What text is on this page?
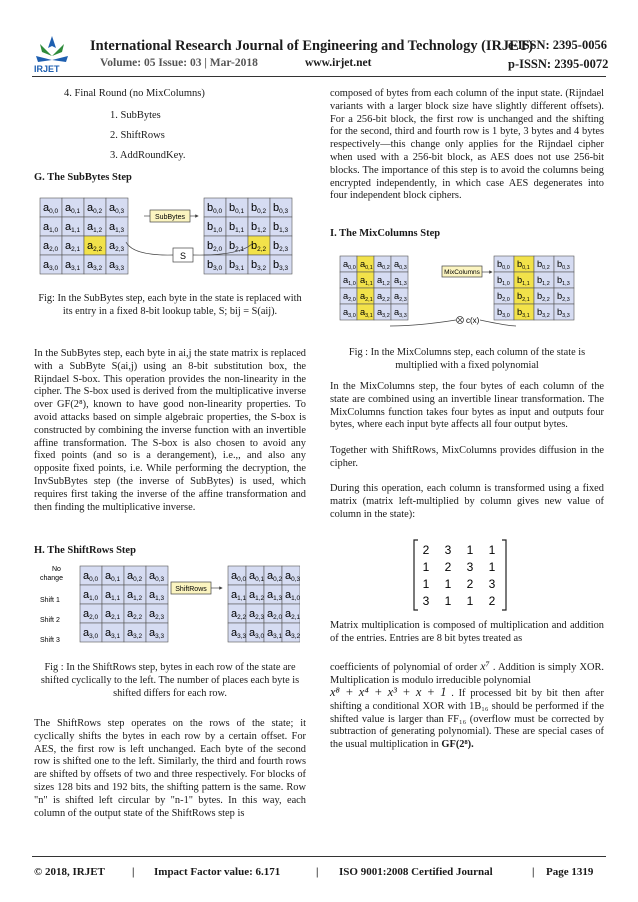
IRJET
International Research Journal of Engineering and Technology (IRJET)
e-ISSN: 2395-0056
Volume: 05 Issue: 03 | Mar-2018	www.irjet.net	p-ISSN: 2395-0072
4. Final Round (no MixColumns)
1. SubBytes
2. ShiftRows
3. AddRoundKey.
G. The SubBytes Step
$a_{0,0}$ $a_{0,1}$ $a_{0,2}$ $a_{0,3}$
$a_{1,0}$ $a_{1,1}$ $a_{1,2}$ $a_{1,3}$
$a_{2,0}$ $a_{2,1}$ $a_{2,2}$ $a_{2,3}$
$a_{3,0}$ $a_{3,1}$ $a_{3,2}$ $a_{3,3}$
$b_{0,0}$ $b_{0,1}$ $b_{0,2}$ $b_{0,3}$
$b_{1,0}$ $b_{1,1}$ $b_{1,2}$ $b_{1,3}$
$b_{2,0}$ $b_{2,1}$ $b_{2,2}$ $b_{2,3}$
$b_{3,0}$ $b_{3,1}$ $b_{3,2}$ $b_{3,3}$
SubBytes
S
Fig: In the SubBytes step, each byte in the state is replaced with its entry in a fixed 8-bit lookup table, S; bij = S(aij).

In the SubBytes step, each byte in ai,j the state matrix is replaced with a SubByte S(ai,j) using an 8-bit substitution box, the Rijndael S-box. This operation provides the non-linearity in the cipher. The S-box used is derived from the multiplicative inverse over GF(2⁸), known to have good non-linearity properties. To avoid attacks based on simple algebraic properties, the S-box is constructed by combining the inverse function with an invertible affine transformation. The S-box is also chosen to avoid any fixed points (and so is a derangement), i.e.,, and also any opposite fixed points, i.e. While performing the decryption, the InvSubBytes step (the inverse of SubBytes) is used, which requires first taking the inverse of the affine transformation and then finding the multiplicative inverse.

H. The ShiftRows Step
$a_{0,0}$ $a_{0,1}$ $a_{0,2}$ $a_{0,3}$
$a_{1,0}$ $a_{1,1}$ $a_{1,2}$ $a_{1,3}$
$a_{2,0}$ $a_{2,1}$ $a_{2,2}$ $a_{2,3}$
$a_{3,0}$ $a_{3,1}$ $a_{3,2}$ $a_{3,3}$
$a_{0,0}$ $a_{0,1}$ $a_{0,2}$ $a_{0,3}$
$a_{1,1}$ $a_{1,2}$ $a_{1,3}$ $a_{1,0}$
$a_{2,2}$ $a_{2,3}$ $a_{2,0}$ $a_{2,1}$
$a_{3,3}$ $a_{3,0}$ $a_{3,1}$ $a_{3,2}$
No
change
Shift 1
Shift 2
Shift 3
ShiftRows
Fig : In the ShiftRows step, bytes in each row of the state are shifted cyclically to the left. The number of places each byte is shifted differs for each row.

The ShiftRows step operates on the rows of the state; it cyclically shifts the bytes in each row by a certain offset. For AES, the first row is left unchanged. Each byte of the second row is shifted one to the left. Similarly, the third and fourth rows are shifted by offsets of two and three respectively. For blocks of sizes 128 bits and 192 bits, the shifting pattern is the same. Row "n" is shifted left circular by "n-1" bytes. In this way, each column of the output state of the ShiftRows step is

composed of bytes from each column of the input state. (Rijndael variants with a larger block size have slightly different offsets). For a 256-bit block, the first row is unchanged and the shifting for the second, third and fourth row is 1 byte, 3 bytes and 4 bytes respectively—this change only applies for the Rijndael cipher when used with a 256-bit block, as AES does not use 256-bit blocks. The importance of this step is to avoid the columns being encrypted independently, in which case AES degenerates into four independent block ciphers.

I. The MixColumns Step
$a_{0,0}$ $a_{0,1}$ $a_{0,2}$ $a_{0,3}$
$a_{1,0}$ $a_{1,1}$ $a_{1,2}$ $a_{1,3}$
$a_{2,0}$ $a_{2,1}$ $a_{2,2}$ $a_{2,3}$
$a_{3,0}$ $a_{3,1}$ $a_{3,2}$ $a_{3,3}$
$b_{0,0}$ $b_{0,1}$ $b_{0,2}$ $b_{0,3}$
$b_{1,0}$ $b_{1,1}$ $b_{1,2}$ $b_{1,3}$
$b_{2,0}$ $b_{2,1}$ $b_{2,2}$ $b_{2,3}$
$b_{3,0}$ $b_{3,1}$ $b_{3,2}$ $b_{3,3}$
MixColumns
c(x)
Fig : In the MixColumns step, each column of the state is multiplied with a fixed polynomial

In the MixColumns step, the four bytes of each column of the state are combined using an invertible linear transformation. The MixColumns function takes four bytes as input and outputs four bytes, where each input byte affects all four output bytes.

Together with ShiftRows, MixColumns provides diffusion in the cipher.

During this operation, each column is transformed using a fixed matrix (matrix left-multiplied by column gives new value of column in the state):

2 3 1 1
1 2 3 1
1 1 2 3
3 1 1 2

Matrix multiplication is composed of multiplication and addition of the entries. Entries are 8 bit bytes treated as

coefficients of polynomial of order x⁷ . Addition is simply XOR. Multiplication is modulo irreducible polynomial
x⁸ + x⁴ + x³ + x + 1 . If processed bit by bit then after shifting a conditional XOR with 1B₁₆ should be performed if the shifted value is larger than FF₁₆ (overflow must be corrected by subtraction of generating polynomial). These are special cases of the usual multiplication in GF(2⁸).
© 2018, IRJET | Impact Factor value: 6.171	| ISO 9001:2008 Certified Journal	| Page 1319
